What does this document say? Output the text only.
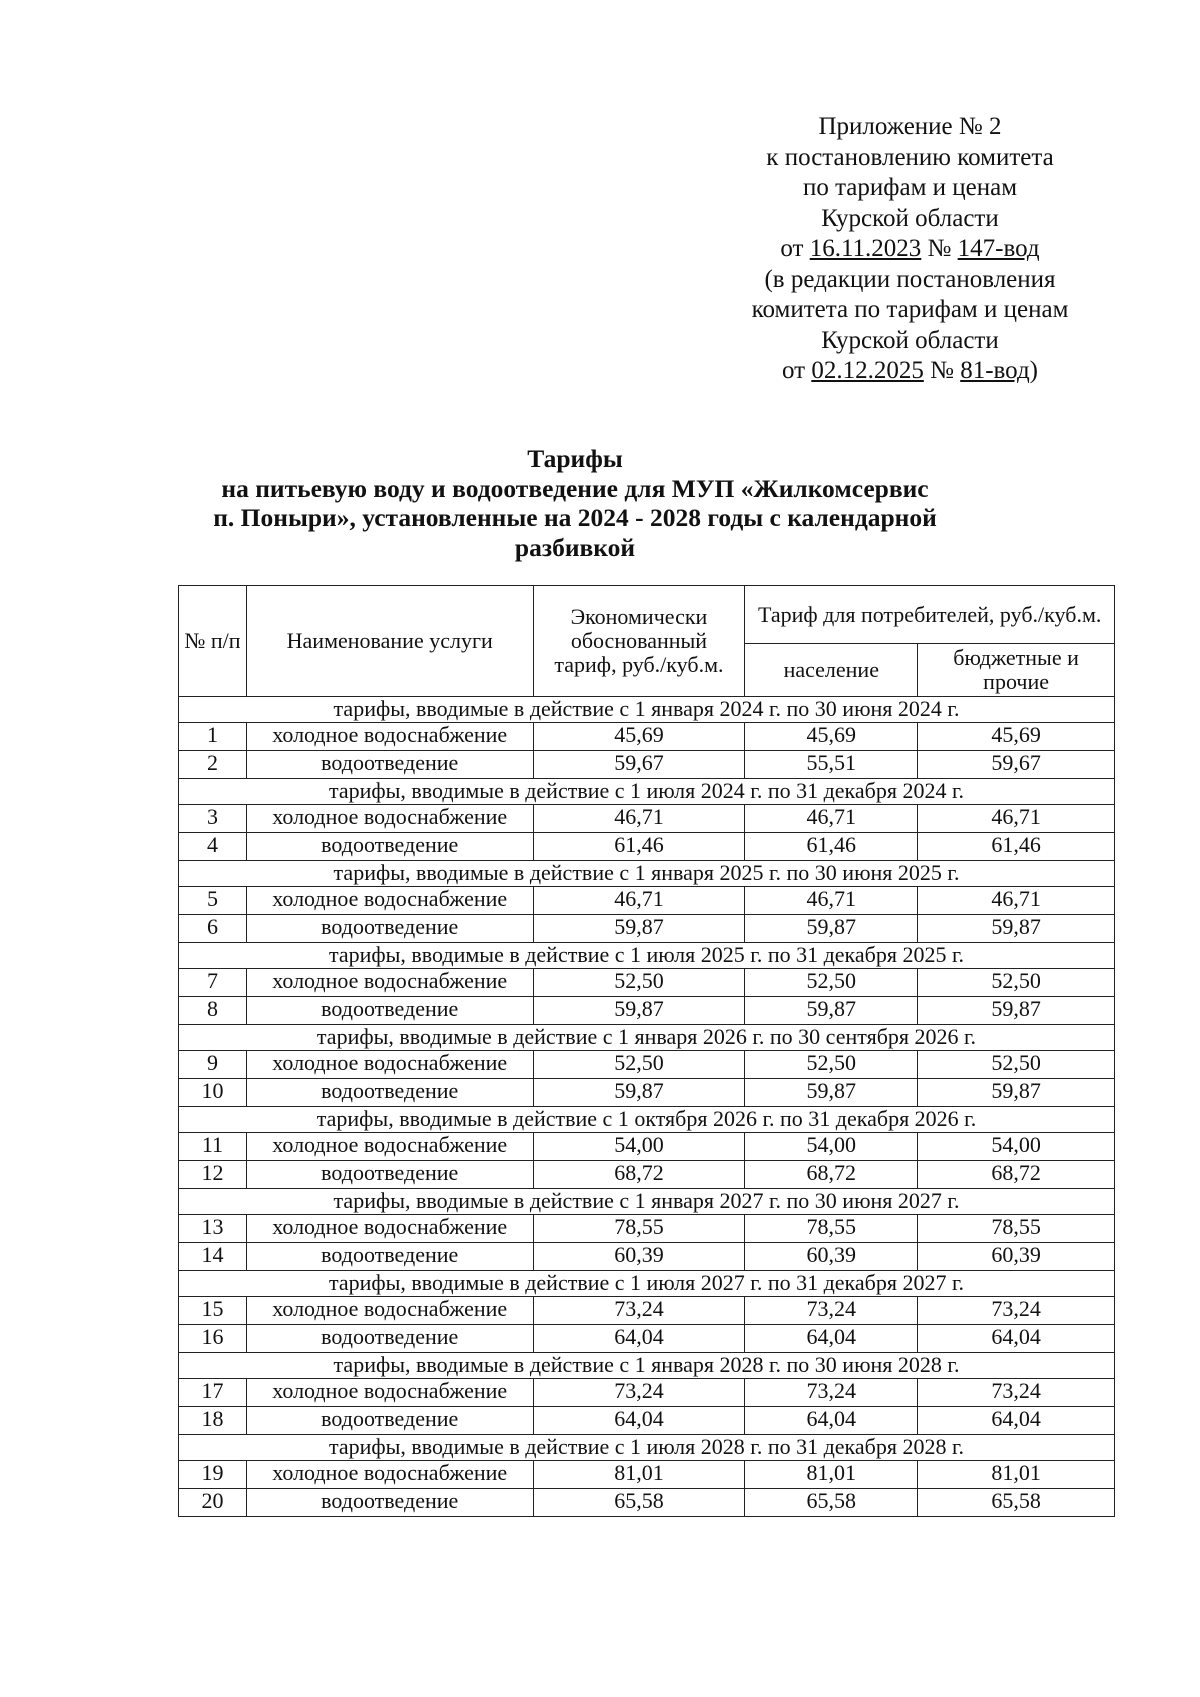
Приложение № 2
к постановлению комитета
по тарифам и ценам
Курской области
от 16.11.2023 № 147-вод
(в редакции постановления
комитета по тарифам и ценам
Курской области
от 02.12.2025 № 81-вод)
Тарифы
на питьевую воду и водоотведение для МУП «Жилкомсервис
п. Поныри», установленные на 2024 - 2028 годы с календарной
разбивкой
№ п/п	Наименование услуги	Экономически обоснованный тариф, руб./куб.м.	Тариф для потребителей, руб./куб.м.	
			население	бюджетные и прочие
тарифы, вводимые в действие с 1 января 2024 г. по 30 июня 2024 г.				
1	холодное водоснабжение	45,69	45,69	45,69
2	водоотведение	59,67	55,51	59,67
тарифы, вводимые в действие с 1 июля 2024 г. по 31 декабря 2024 г.				
3	холодное водоснабжение	46,71	46,71	46,71
4	водоотведение	61,46	61,46	61,46
тарифы, вводимые в действие с 1 января 2025 г. по 30 июня 2025 г.				
5	холодное водоснабжение	46,71	46,71	46,71
6	водоотведение	59,87	59,87	59,87
тарифы, вводимые в действие с 1 июля 2025 г. по 31 декабря 2025 г.				
7	холодное водоснабжение	52,50	52,50	52,50
8	водоотведение	59,87	59,87	59,87
тарифы, вводимые в действие с 1 января 2026 г. по 30 сентября 2026 г.				
9	холодное водоснабжение	52,50	52,50	52,50
10	водоотведение	59,87	59,87	59,87
тарифы, вводимые в действие с 1 октября 2026 г. по 31 декабря 2026 г.				
11	холодное водоснабжение	54,00	54,00	54,00
12	водоотведение	68,72	68,72	68,72
тарифы, вводимые в действие с 1 января 2027 г. по 30 июня 2027 г.				
13	холодное водоснабжение	78,55	78,55	78,55
14	водоотведение	60,39	60,39	60,39
тарифы, вводимые в действие с 1 июля 2027 г. по 31 декабря 2027 г.				
15	холодное водоснабжение	73,24	73,24	73,24
16	водоотведение	64,04	64,04	64,04
тарифы, вводимые в действие с 1 января 2028 г. по 30 июня 2028 г.				
17	холодное водоснабжение	73,24	73,24	73,24
18	водоотведение	64,04	64,04	64,04
тарифы, вводимые в действие с 1 июля 2028 г. по 31 декабря 2028 г.				
19	холодное водоснабжение	81,01	81,01	81,01
20	водоотведение	65,58	65,58	65,58
